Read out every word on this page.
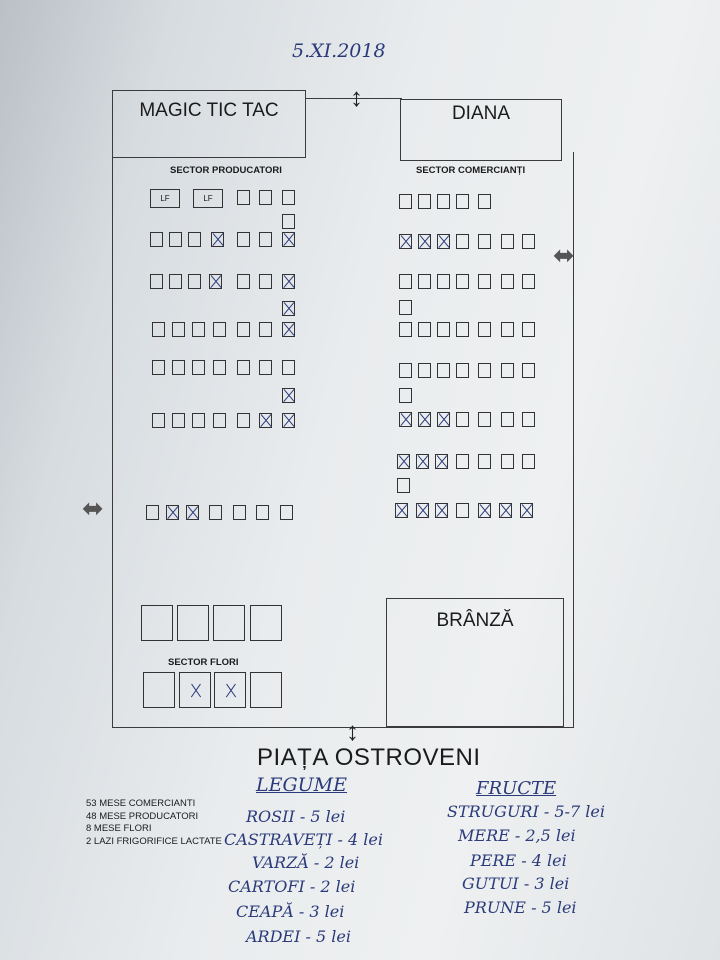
5.XI.2018
MAGIC TIC TAC	DIANA
↕
⬌
⬌
↕
SECTOR PRODUCATORI	SECTOR COMERCIANȚI
LF	LF
BRÂNZĂ
SECTOR FLORI
PIAȚA OSTROVENI
53 MESE COMERCIANTI
48 MESE PRODUCATORI
8 MESE FLORI
2 LAZI FRIGORIFICE LACTATE
LEGUME
ROSII - 5 lei
CASTRAVEȚI - 4 lei
VARZĂ - 2 lei
CARTOFI - 2 lei
CEAPĂ - 3 lei
ARDEI - 5 lei
FRUCTE
STRUGURI - 5-7 lei
MERE - 2,5 lei
PERE - 4 lei
GUTUI - 3 lei
PRUNE - 5 lei
